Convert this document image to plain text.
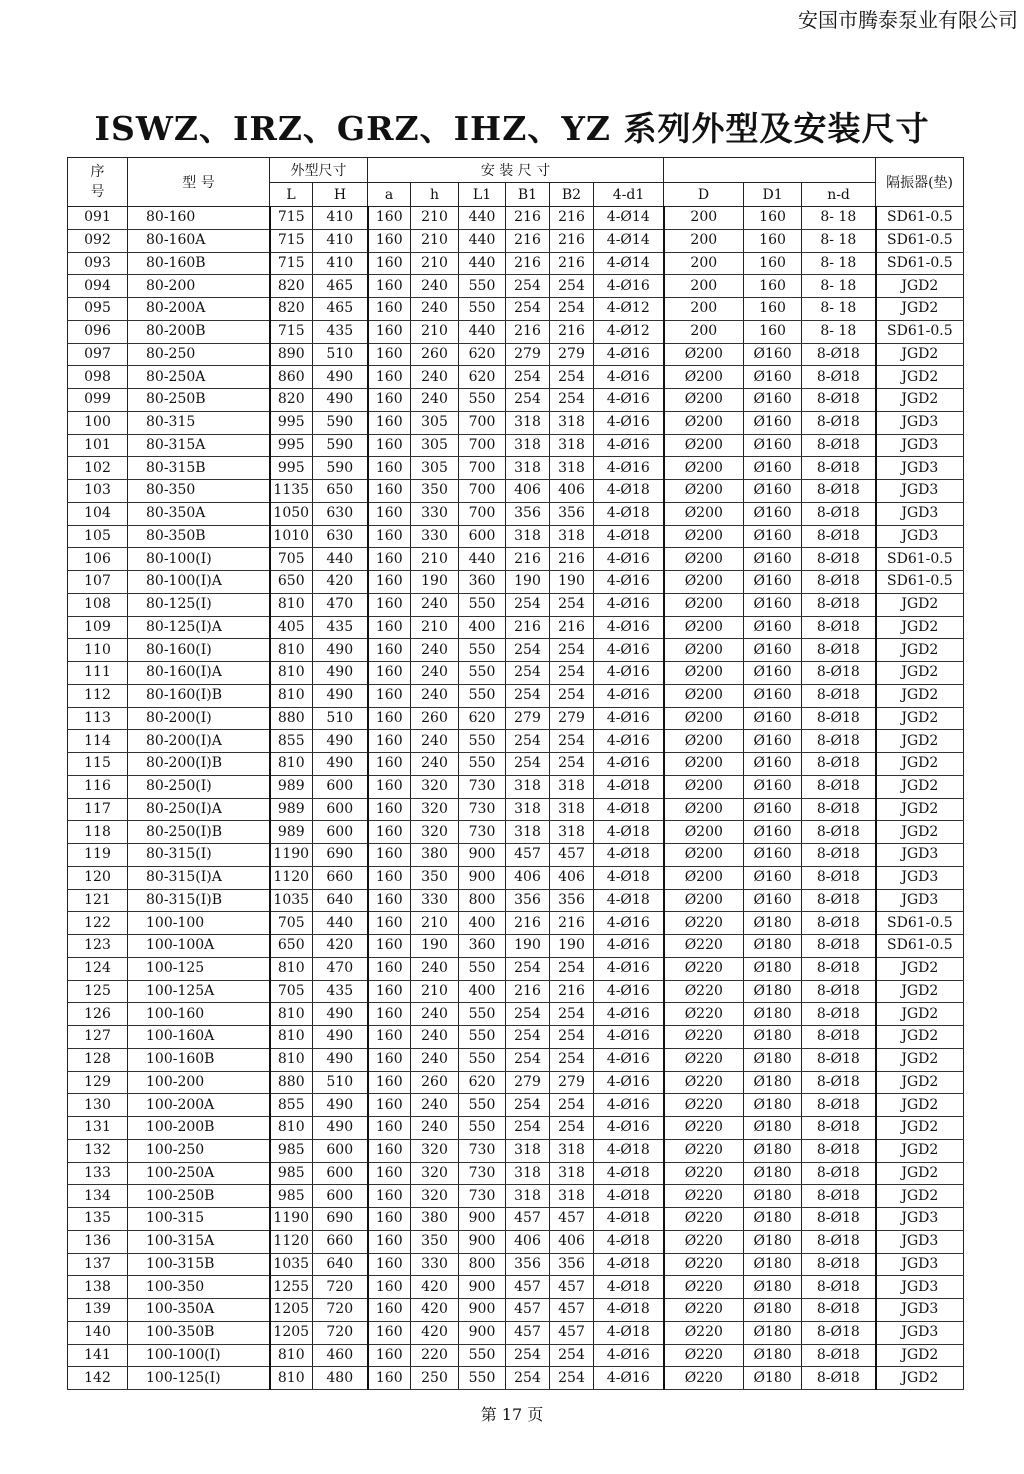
安国市腾泰泵业有限公司
ISWZ、IRZ、GRZ、IHZ、YZ 系列外型及安装尺寸
序号	型 号	外型尺寸		安 装 尺 寸									隔振器(垫)
		L	H	a	h	L1	B1	B2	4-d1	D	D1	n-d	
091	80-160	715	410	160	210	440	216	216	4-Ø14	200	160	8- 18	SD61-0.5
092	80-160A	715	410	160	210	440	216	216	4-Ø14	200	160	8- 18	SD61-0.5
093	80-160B	715	410	160	210	440	216	216	4-Ø14	200	160	8- 18	SD61-0.5
094	80-200	820	465	160	240	550	254	254	4-Ø16	200	160	8- 18	JGD2
095	80-200A	820	465	160	240	550	254	254	4-Ø12	200	160	8- 18	JGD2
096	80-200B	715	435	160	210	440	216	216	4-Ø12	200	160	8- 18	SD61-0.5
097	80-250	890	510	160	260	620	279	279	4-Ø16	Ø200	Ø160	8-Ø18	JGD2
098	80-250A	860	490	160	240	620	254	254	4-Ø16	Ø200	Ø160	8-Ø18	JGD2
099	80-250B	820	490	160	240	550	254	254	4-Ø16	Ø200	Ø160	8-Ø18	JGD2
100	80-315	995	590	160	305	700	318	318	4-Ø16	Ø200	Ø160	8-Ø18	JGD3
101	80-315A	995	590	160	305	700	318	318	4-Ø16	Ø200	Ø160	8-Ø18	JGD3
102	80-315B	995	590	160	305	700	318	318	4-Ø16	Ø200	Ø160	8-Ø18	JGD3
103	80-350	1135	650	160	350	700	406	406	4-Ø18	Ø200	Ø160	8-Ø18	JGD3
104	80-350A	1050	630	160	330	700	356	356	4-Ø18	Ø200	Ø160	8-Ø18	JGD3
105	80-350B	1010	630	160	330	600	318	318	4-Ø18	Ø200	Ø160	8-Ø18	JGD3
106	80-100(Ⅰ)	705	440	160	210	440	216	216	4-Ø16	Ø200	Ø160	8-Ø18	SD61-0.5
107	80-100(Ⅰ)A	650	420	160	190	360	190	190	4-Ø16	Ø200	Ø160	8-Ø18	SD61-0.5
108	80-125(Ⅰ)	810	470	160	240	550	254	254	4-Ø16	Ø200	Ø160	8-Ø18	JGD2
109	80-125(Ⅰ)A	405	435	160	210	400	216	216	4-Ø16	Ø200	Ø160	8-Ø18	JGD2
110	80-160(Ⅰ)	810	490	160	240	550	254	254	4-Ø16	Ø200	Ø160	8-Ø18	JGD2
111	80-160(Ⅰ)A	810	490	160	240	550	254	254	4-Ø16	Ø200	Ø160	8-Ø18	JGD2
112	80-160(Ⅰ)B	810	490	160	240	550	254	254	4-Ø16	Ø200	Ø160	8-Ø18	JGD2
113	80-200(Ⅰ)	880	510	160	260	620	279	279	4-Ø16	Ø200	Ø160	8-Ø18	JGD2
114	80-200(Ⅰ)A	855	490	160	240	550	254	254	4-Ø16	Ø200	Ø160	8-Ø18	JGD2
115	80-200(Ⅰ)B	810	490	160	240	550	254	254	4-Ø16	Ø200	Ø160	8-Ø18	JGD2
116	80-250(Ⅰ)	989	600	160	320	730	318	318	4-Ø18	Ø200	Ø160	8-Ø18	JGD2
117	80-250(Ⅰ)A	989	600	160	320	730	318	318	4-Ø18	Ø200	Ø160	8-Ø18	JGD2
118	80-250(Ⅰ)B	989	600	160	320	730	318	318	4-Ø18	Ø200	Ø160	8-Ø18	JGD2
119	80-315(Ⅰ)	1190	690	160	380	900	457	457	4-Ø18	Ø200	Ø160	8-Ø18	JGD3
120	80-315(Ⅰ)A	1120	660	160	350	900	406	406	4-Ø18	Ø200	Ø160	8-Ø18	JGD3
121	80-315(Ⅰ)B	1035	640	160	330	800	356	356	4-Ø18	Ø200	Ø160	8-Ø18	JGD3
122	100-100	705	440	160	210	400	216	216	4-Ø16	Ø220	Ø180	8-Ø18	SD61-0.5
123	100-100A	650	420	160	190	360	190	190	4-Ø16	Ø220	Ø180	8-Ø18	SD61-0.5
124	100-125	810	470	160	240	550	254	254	4-Ø16	Ø220	Ø180	8-Ø18	JGD2
125	100-125A	705	435	160	210	400	216	216	4-Ø16	Ø220	Ø180	8-Ø18	JGD2
126	100-160	810	490	160	240	550	254	254	4-Ø16	Ø220	Ø180	8-Ø18	JGD2
127	100-160A	810	490	160	240	550	254	254	4-Ø16	Ø220	Ø180	8-Ø18	JGD2
128	100-160B	810	490	160	240	550	254	254	4-Ø16	Ø220	Ø180	8-Ø18	JGD2
129	100-200	880	510	160	260	620	279	279	4-Ø16	Ø220	Ø180	8-Ø18	JGD2
130	100-200A	855	490	160	240	550	254	254	4-Ø16	Ø220	Ø180	8-Ø18	JGD2
131	100-200B	810	490	160	240	550	254	254	4-Ø16	Ø220	Ø180	8-Ø18	JGD2
132	100-250	985	600	160	320	730	318	318	4-Ø18	Ø220	Ø180	8-Ø18	JGD2
133	100-250A	985	600	160	320	730	318	318	4-Ø18	Ø220	Ø180	8-Ø18	JGD2
134	100-250B	985	600	160	320	730	318	318	4-Ø18	Ø220	Ø180	8-Ø18	JGD2
135	100-315	1190	690	160	380	900	457	457	4-Ø18	Ø220	Ø180	8-Ø18	JGD3
136	100-315A	1120	660	160	350	900	406	406	4-Ø18	Ø220	Ø180	8-Ø18	JGD3
137	100-315B	1035	640	160	330	800	356	356	4-Ø18	Ø220	Ø180	8-Ø18	JGD3
138	100-350	1255	720	160	420	900	457	457	4-Ø18	Ø220	Ø180	8-Ø18	JGD3
139	100-350A	1205	720	160	420	900	457	457	4-Ø18	Ø220	Ø180	8-Ø18	JGD3
140	100-350B	1205	720	160	420	900	457	457	4-Ø18	Ø220	Ø180	8-Ø18	JGD3
141	100-100(Ⅰ)	810	460	160	220	550	254	254	4-Ø16	Ø220	Ø180	8-Ø18	JGD2
142	100-125(Ⅰ)	810	480	160	250	550	254	254	4-Ø16	Ø220	Ø180	8-Ø18	JGD2
第 17 页
